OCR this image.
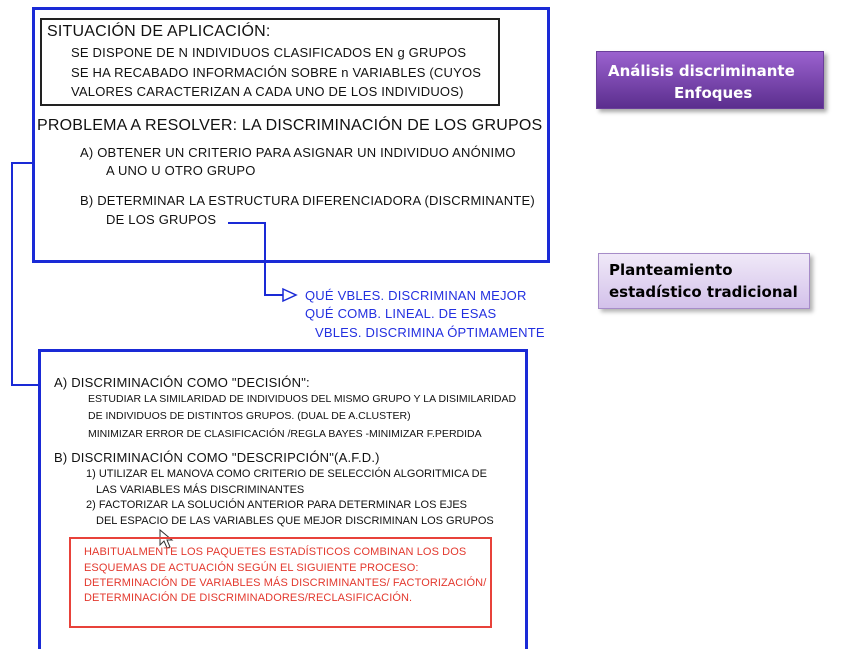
SITUACIÓN DE APLICACIÓN:
SE DISPONE DE N INDIVIDUOS CLASIFICADOS EN g GRUPOS
SE HA RECABADO INFORMACIÓN SOBRE n VARIABLES (CUYOS
VALORES CARACTERIZAN A CADA UNO DE LOS INDIVIDUOS)
PROBLEMA A RESOLVER: LA DISCRIMINACIÓN DE LOS GRUPOS
A) OBTENER UN CRITERIO PARA ASIGNAR UN INDIVIDUO ANÓNIMO
A UNO U OTRO GRUPO
B) DETERMINAR LA ESTRUCTURA DIFERENCIADORA (DISCRMINANTE)
DE LOS GRUPOS
QUÉ VBLES. DISCRIMINAN MEJOR
QUÉ COMB. LINEAL. DE ESAS
VBLES. DISCRIMINA ÓPTIMAMENTE
A) DISCRIMINACIÓN COMO "DECISIÓN":
ESTUDIAR LA SIMILARIDAD DE INDIVIDUOS DEL MISMO GRUPO Y LA DISIMILARIDAD
DE INDIVIDUOS DE DISTINTOS GRUPOS. (DUAL DE A.CLUSTER)
MINIMIZAR ERROR DE CLASIFICACIÓN /REGLA BAYES -MINIMIZAR F.PERDIDA
B) DISCRIMINACIÓN COMO "DESCRIPCIÓN"(A.F.D.)
1) UTILIZAR EL MANOVA COMO CRITERIO DE SELECCIÓN ALGORITMICA DE
LAS VARIABLES MÁS DISCRIMINANTES
2) FACTORIZAR LA SOLUCIÓN ANTERIOR PARA DETERMINAR LOS EJES
DEL ESPACIO DE LAS VARIABLES QUE MEJOR DISCRIMINAN LOS GRUPOS
HABITUALMENTE LOS PAQUETES ESTADÍSTICOS COMBINAN LOS DOS
ESQUEMAS DE ACTUACIÓN SEGÚN EL SIGUIENTE PROCESO:
DETERMINACIÓN DE VARIABLES MÁS DISCRIMINANTES/ FACTORIZACIÓN/
DETERMINACIÓN DE DISCRIMINADORES/RECLASIFICACIÓN.
Análisis discriminante
Enfoques
Planteamiento
estadístico tradicional
